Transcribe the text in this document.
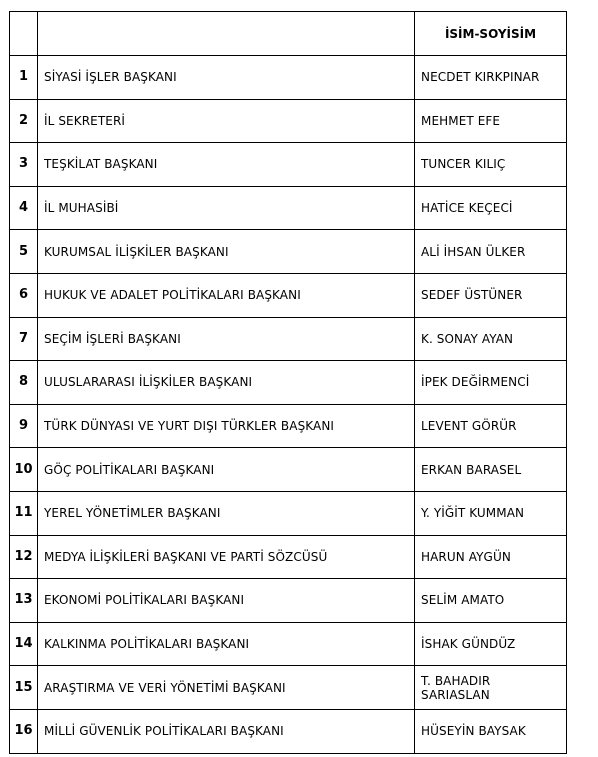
		İSİM-SOYİSİM
1	SİYASİ İŞLER BAŞKANI	NECDET KIRKPINAR
2	İL SEKRETERİ	MEHMET EFE
3	TEŞKİLAT BAŞKANI	TUNCER KILIÇ
4	İL MUHASİBİ	HATİCE KEÇECİ
5	KURUMSAL İLİŞKİLER BAŞKANI	ALİ İHSAN ÜLKER
6	HUKUK VE ADALET POLİTİKALARI BAŞKANI	SEDEF ÜSTÜNER
7	SEÇİM İŞLERİ BAŞKANI	K. SONAY AYAN
8	ULUSLARARASI İLİŞKİLER BAŞKANI	İPEK DEĞİRMENCİ
9	TÜRK DÜNYASI VE YURT DIŞI TÜRKLER BAŞKANI	LEVENT GÖRÜR
10	GÖÇ POLİTİKALARI BAŞKANI	ERKAN BARASEL
11	YEREL YÖNETİMLER BAŞKANI	Y. YİĞİT KUMMAN
12	MEDYA İLİŞKİLERİ BAŞKANI VE PARTİ SÖZCÜSÜ	HARUN AYGÜN
13	EKONOMİ POLİTİKALARI BAŞKANI	SELİM AMATO
14	KALKINMA POLİTİKALARI BAŞKANI	İSHAK GÜNDÜZ
15	ARAŞTIRMA VE VERİ YÖNETİMİ BAŞKANI	T. BAHADIR SARIASLAN
16	MİLLİ GÜVENLİK POLİTİKALARI BAŞKANI	HÜSEYİN BAYSAK
